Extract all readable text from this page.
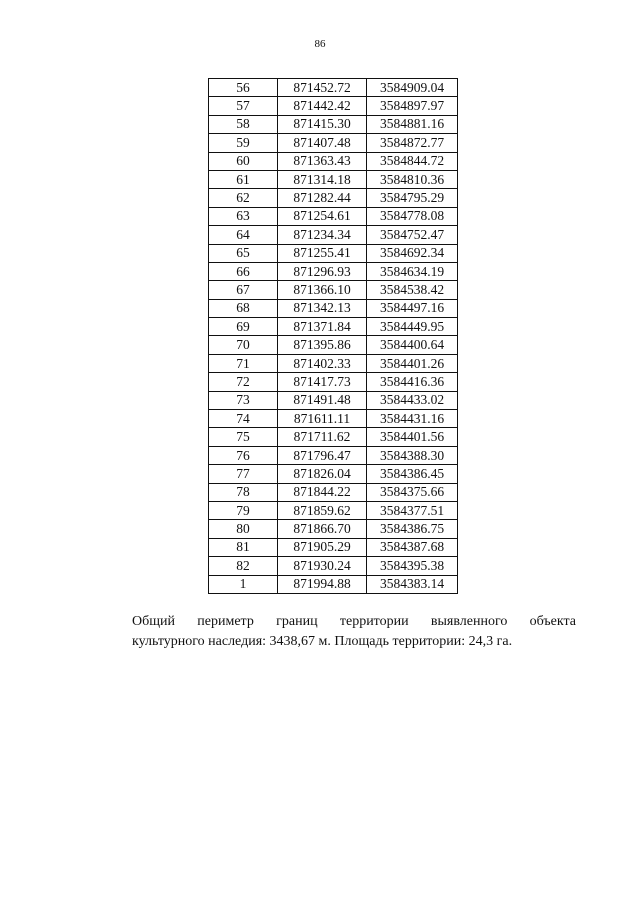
86
56	871452.72	3584909.04
57	871442.42	3584897.97
58	871415.30	3584881.16
59	871407.48	3584872.77
60	871363.43	3584844.72
61	871314.18	3584810.36
62	871282.44	3584795.29
63	871254.61	3584778.08
64	871234.34	3584752.47
65	871255.41	3584692.34
66	871296.93	3584634.19
67	871366.10	3584538.42
68	871342.13	3584497.16
69	871371.84	3584449.95
70	871395.86	3584400.64
71	871402.33	3584401.26
72	871417.73	3584416.36
73	871491.48	3584433.02
74	871611.11	3584431.16
75	871711.62	3584401.56
76	871796.47	3584388.30
77	871826.04	3584386.45
78	871844.22	3584375.66
79	871859.62	3584377.51
80	871866.70	3584386.75
81	871905.29	3584387.68
82	871930.24	3584395.38
1	871994.88	3584383.14
Общий периметр границ территории выявленного объекта
культурного наследия: 3438,67 м. Площадь территории: 24,3 га.
